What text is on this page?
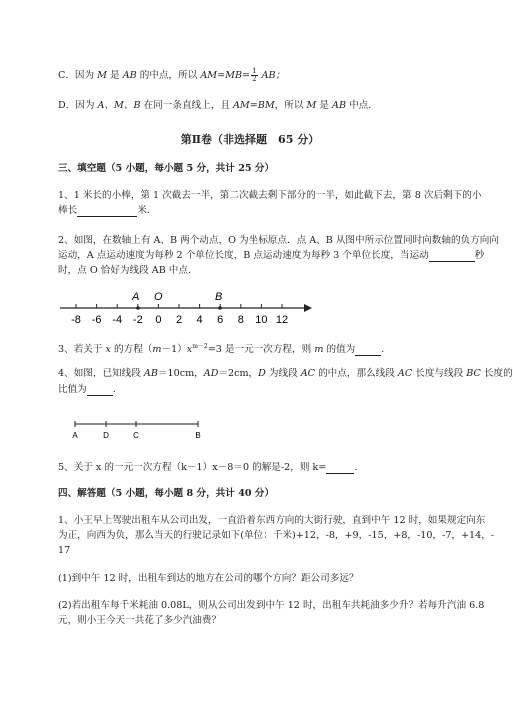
C．因为 M 是 AB 的中点，所以 $AM=MB= \frac{1}{2}$ AB；
D．因为 A、M、B 在同一条直线上，且 AM=BM，所以 M 是 AB 中点．
第Ⅱ卷（非选择题　65 分）
三、填空题（5 小题，每小题 5 分，共计 25 分）
1、1 米长的小棒，第 1 次截去一半，第二次截去剩下部分的一半，如此截下去，第 8 次后剩下的小
棒长	米．
2、如图，在数轴上有 A、B 两个动点，O 为坐标原点．点 A、B 从图中所示位置同时向数轴的负方向向
运动，A 点运动速度为每秒 2 个单位长度，B 点运动速度为每秒 3 个单位长度，当运动	秒
时，点 O 恰好为线段 AB 中点．
-8 -6 -4 -2 0 2 4 6 8 10 12
A O	B
3、若关于 x 的方程$(m-1)x^{m-2}=3$ 是一元一次方程，则 m 的值为	．
4、如图，已知线段 AB＝10cm，AD＝2cm，D 为线段 AC 的中点，那么线段 AC 长度与线段 BC 长度的
比值为	．
A	D	C	B
5、关于 x 的一元一次方程（k－1）x－8＝0 的解是-2，则 k=	．
四、解答题（5 小题，每小题 8 分，共计 40 分）
1、小王早上驾驶出租车从公司出发，一直沿着东西方向的大街行驶，直到中午 12 时，如果规定向东
为正，向西为负，那么当天的行驶记录如下(单位：千米)+12，-8，+9，-15，+8，-10，-7，+14，-
17
(1)到中午 12 时，出租车到达的地方在公司的哪个方向？距公司多远？
(2)若出租车每千米耗油 0.08L，则从公司出发到中午 12 时，出租车共耗油多少升？若每升汽油 6.8
元，则小王今天一共花了多少汽油费？
